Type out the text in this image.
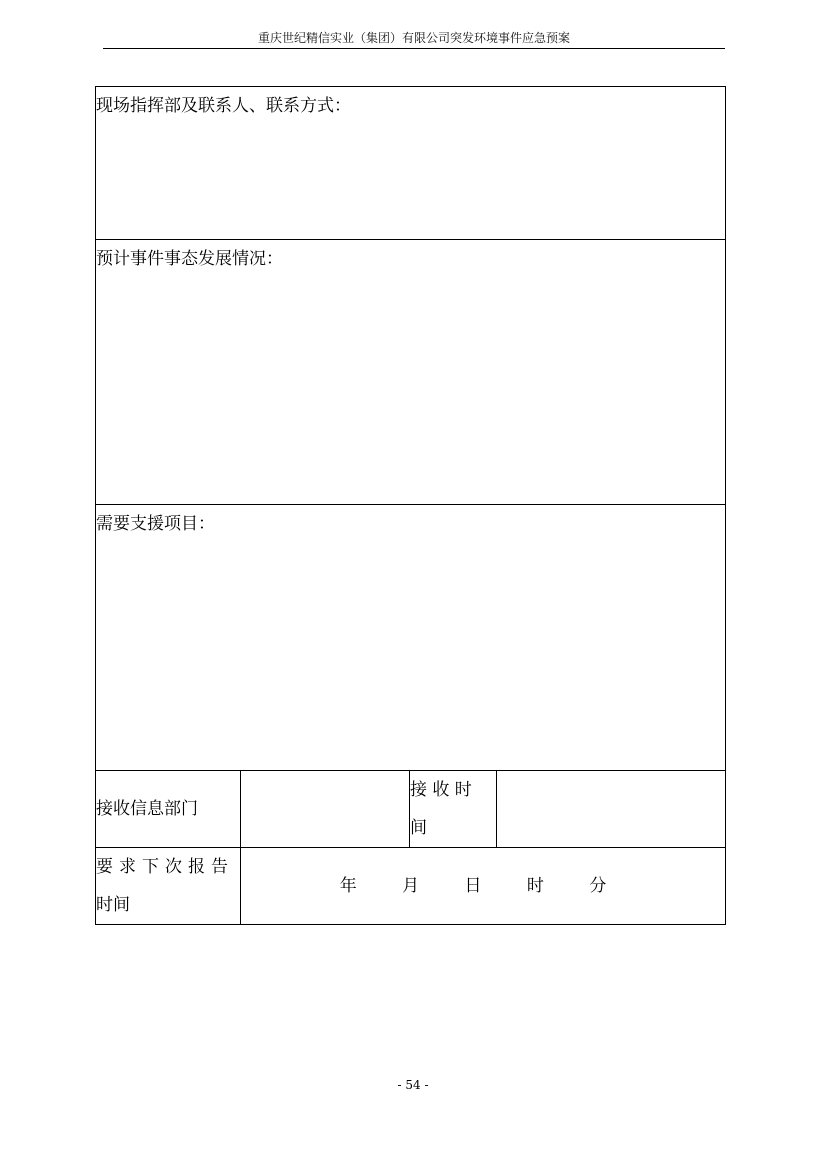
重庆世纪精信实业（集团）有限公司突发环境事件应急预案
现场指挥部及联系人、联系方式：			
预计事件事态发展情况：			
需要支援项目：			
接收信息部门		接 收 时
间	

要求下次报告
时间	年 月 日 时 分		
- 54 -
